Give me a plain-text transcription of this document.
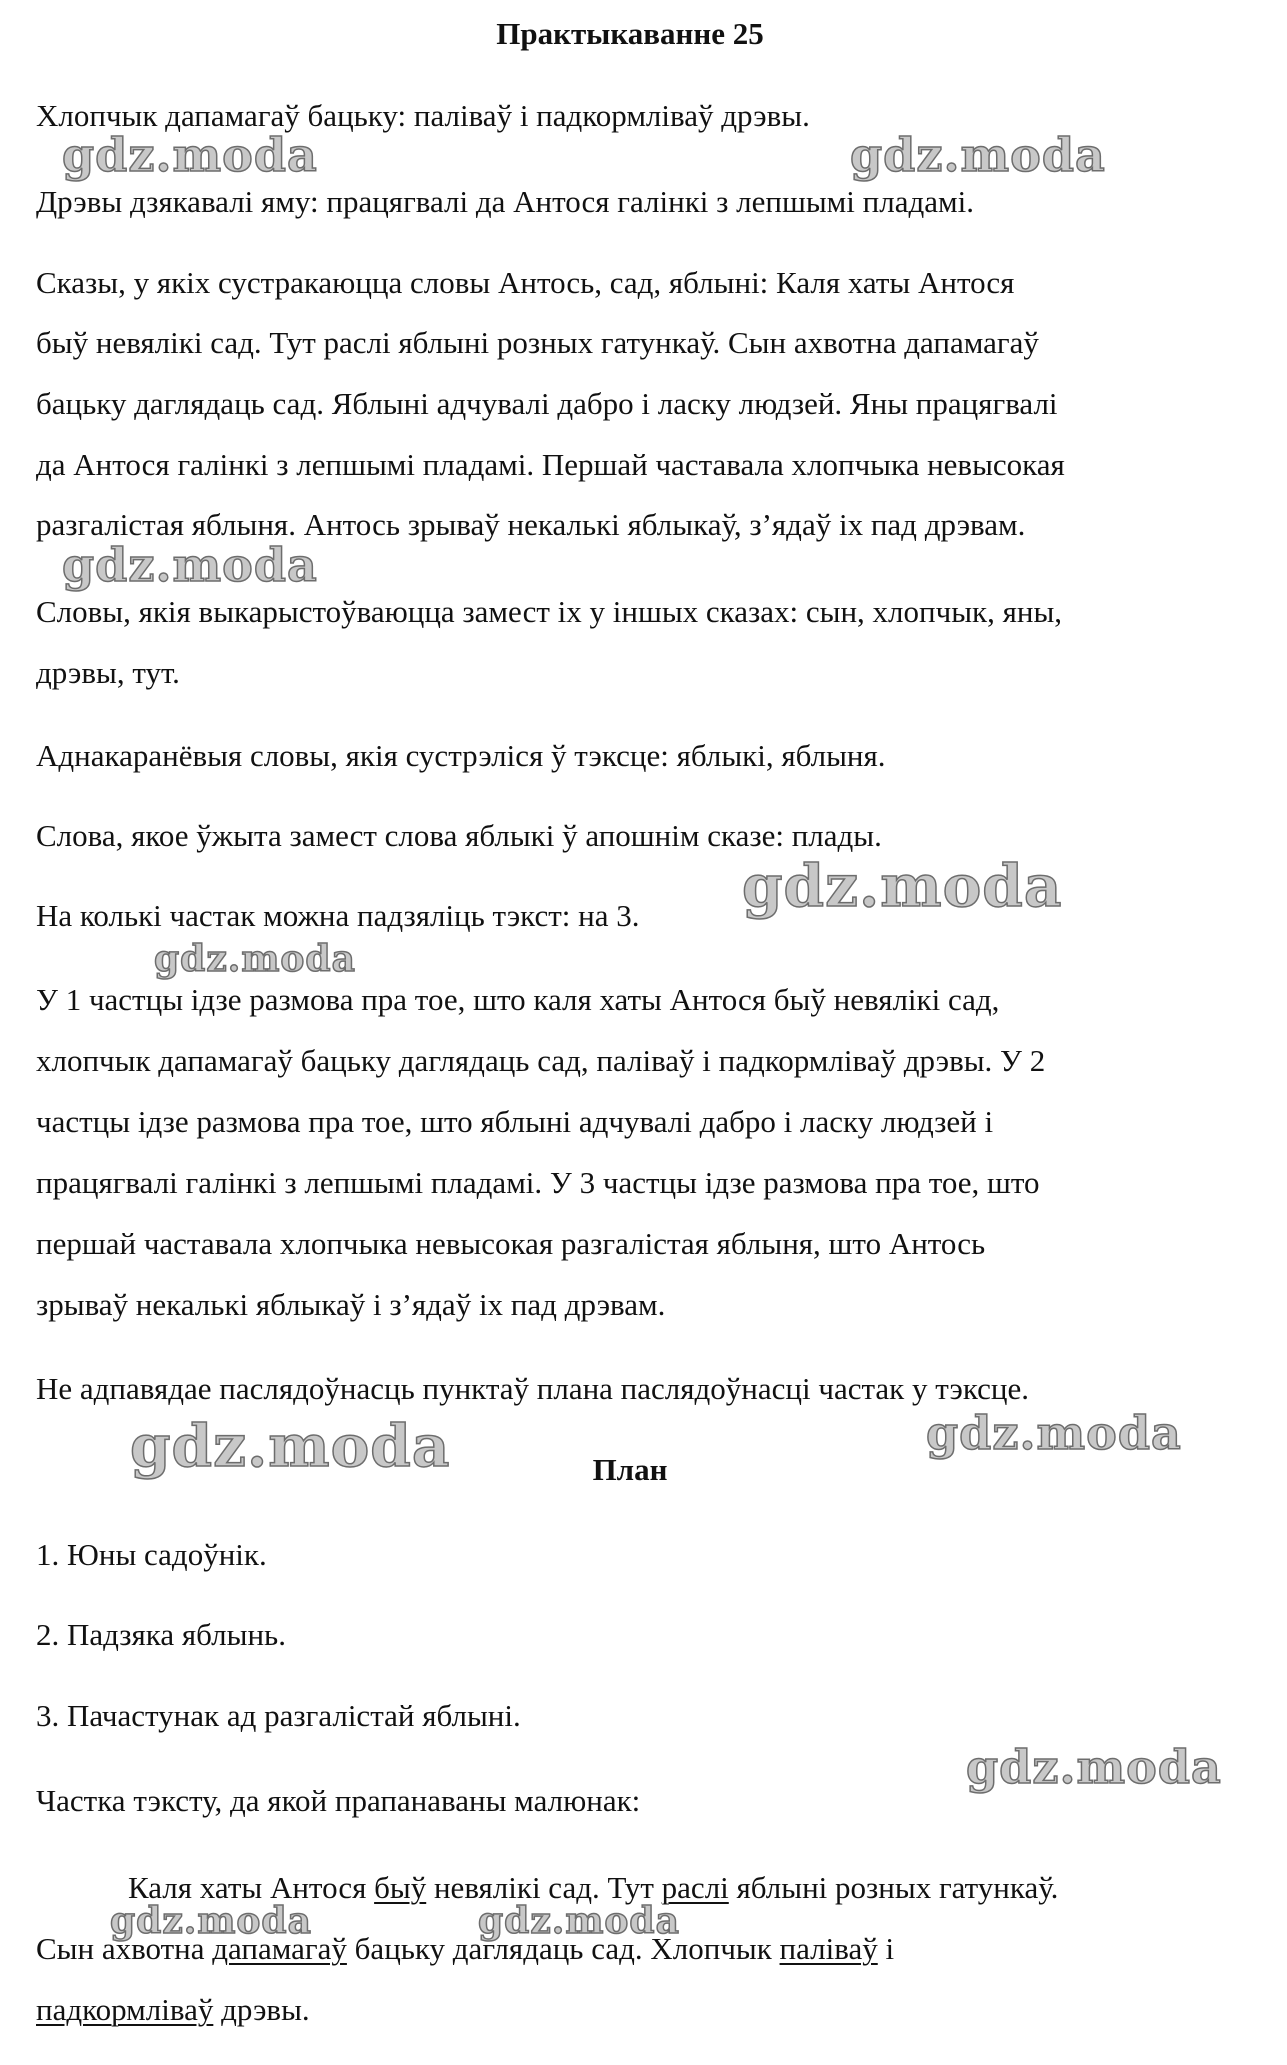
Практыкаванне 25
Хлопчык дапамагаў бацьку: паліваў і падкормліваў дрэвы.
Дрэвы дзякавалі яму: працягвалі да Антося галінкі з лепшымі пладамі.
Сказы, у якіх сустракаюцца словы Антось, сад, яблыні: Каля хаты Антося
быў невялікі сад. Тут раслі яблыні розных гатункаў. Сын ахвотна дапамагаў
бацьку даглядаць сад. Яблыні адчувалі дабро і ласку людзей. Яны працягвалі
да Антося галінкі з лепшымі пладамі. Першай частавала хлопчыка невысокая
разгалістая яблыня. Антось зрываў некалькі яблыкаў, з’ядаў іх пад дрэвам.
Словы, якія выкарыстоўваюцца замест іх у іншых сказах: сын, хлопчык, яны,
дрэвы, тут.
Аднакаранёвыя словы, якія сустрэліся ў тэксце: яблыкі, яблыня.
Слова, якое ўжыта замест слова яблыкі ў апошнім сказе: плады.
На колькі частак можна падзяліць тэкст: на 3.
У 1 частцы ідзе размова пра тое, што каля хаты Антося быў невялікі сад,
хлопчык дапамагаў бацьку даглядаць сад, паліваў і падкормліваў дрэвы. У 2
частцы ідзе размова пра тое, што яблыні адчувалі дабро і ласку людзей і
працягвалі галінкі з лепшымі пладамі. У 3 частцы ідзе размова пра тое, што
першай частавала хлопчыка невысокая разгалістая яблыня, што Антось
зрываў некалькі яблыкаў і з’ядаў іх пад дрэвам.
Не адпавядае паслядоўнасць пунктаў плана паслядоўнасці частак у тэксце.
План
1. Юны садоўнік.
2. Падзяка яблынь.
3. Пачастунак ад разгалістай яблыні.
Частка тэксту, да якой прапанаваны малюнак:
Каля хаты Антося быў невялікі сад. Тут раслі яблыні розных гатункаў.
Сын ахвотна дапамагаў бацьку даглядаць сад. Хлопчык паліваў і
падкормліваў дрэвы.
gdz.moda	gdz.moda
gdz.moda
gdz.moda
gdz.moda
gdz.moda	gdz.moda
gdz.moda
gdz.moda	gdz.moda
